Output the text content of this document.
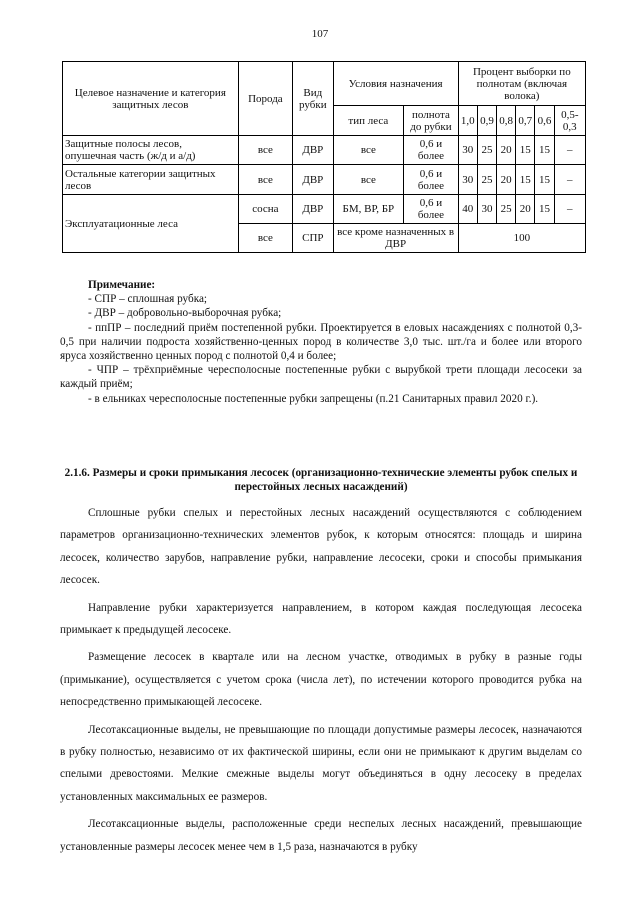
107
Целевое назначение и категория защитных лесов	Порода	Вид рубки	Условия назначения		Процент выборки по полнотам (включая волока)					
			тип леса	полнота до рубки	1,0	0,9	0,8	0,7	0,6	0,5-0,3
Защитные полосы лесов, опушечная часть (ж/д и а/д)	все	ДВР	все	0,6 и более	30	25	20	15	15	–
Остальные категории защитных лесов	все	ДВР	все	0,6 и более	30	25	20	15	15	–
Эксплуатационные леса	сосна	ДВР	БМ, ВР, БР	0,6 и более	40	30	25	20	15	–
	все	СПР	все кроме назначенных в ДВР		100					

Примечание:

- СПР – сплошная рубка;

- ДВР – добровольно-выборочная рубка;

- ппПР – последний приём постепенной рубки. Проектируется в еловых насаждениях с полнотой 0,3-0,5 при наличии подроста хозяйственно-ценных пород в количестве 3,0 тыс. шт./га и более или второго яруса хозяйственно ценных пород с полнотой 0,4 и более;

- ЧПР – трёхприёмные чересполосные постепенные рубки с вырубкой трети площади лесосеки за каждый приём;

- в ельниках чересполосные постепенные рубки запрещены (п.21 Санитарных правил 2020 г.).

2.1.6. Размеры и сроки примыкания лесосек (организационно-технические элементы рубок спелых и перестойных лесных насаждений)

Сплошные рубки спелых и перестойных лесных насаждений осуществляются с соблюдением параметров организационно-технических элементов рубок, к которым относятся: площадь и ширина лесосек, количество зарубов, направление рубки, направление лесосеки, сроки и способы примыкания лесосек.

Направление рубки характеризуется направлением, в котором каждая последующая лесосека примыкает к предыдущей лесосеке.

Размещение лесосек в квартале или на лесном участке, отводимых в рубку в разные годы (примыкание), осуществляется с учетом срока (числа лет), по истечении которого проводится рубка на непосредственно примыкающей лесосеке.

Лесотаксационные выделы, не превышающие по площади допустимые размеры лесосек, назначаются в рубку полностью, независимо от их фактической ширины, если они не примыкают к другим выделам со спелыми древостоями. Мелкие смежные выделы могут объединяться в одну лесосеку в пределах установленных максимальных ее размеров.

Лесотаксационные выделы, расположенные среди неспелых лесных насаждений, превышающие установленные размеры лесосек менее чем в 1,5 раза, назначаются в рубку
